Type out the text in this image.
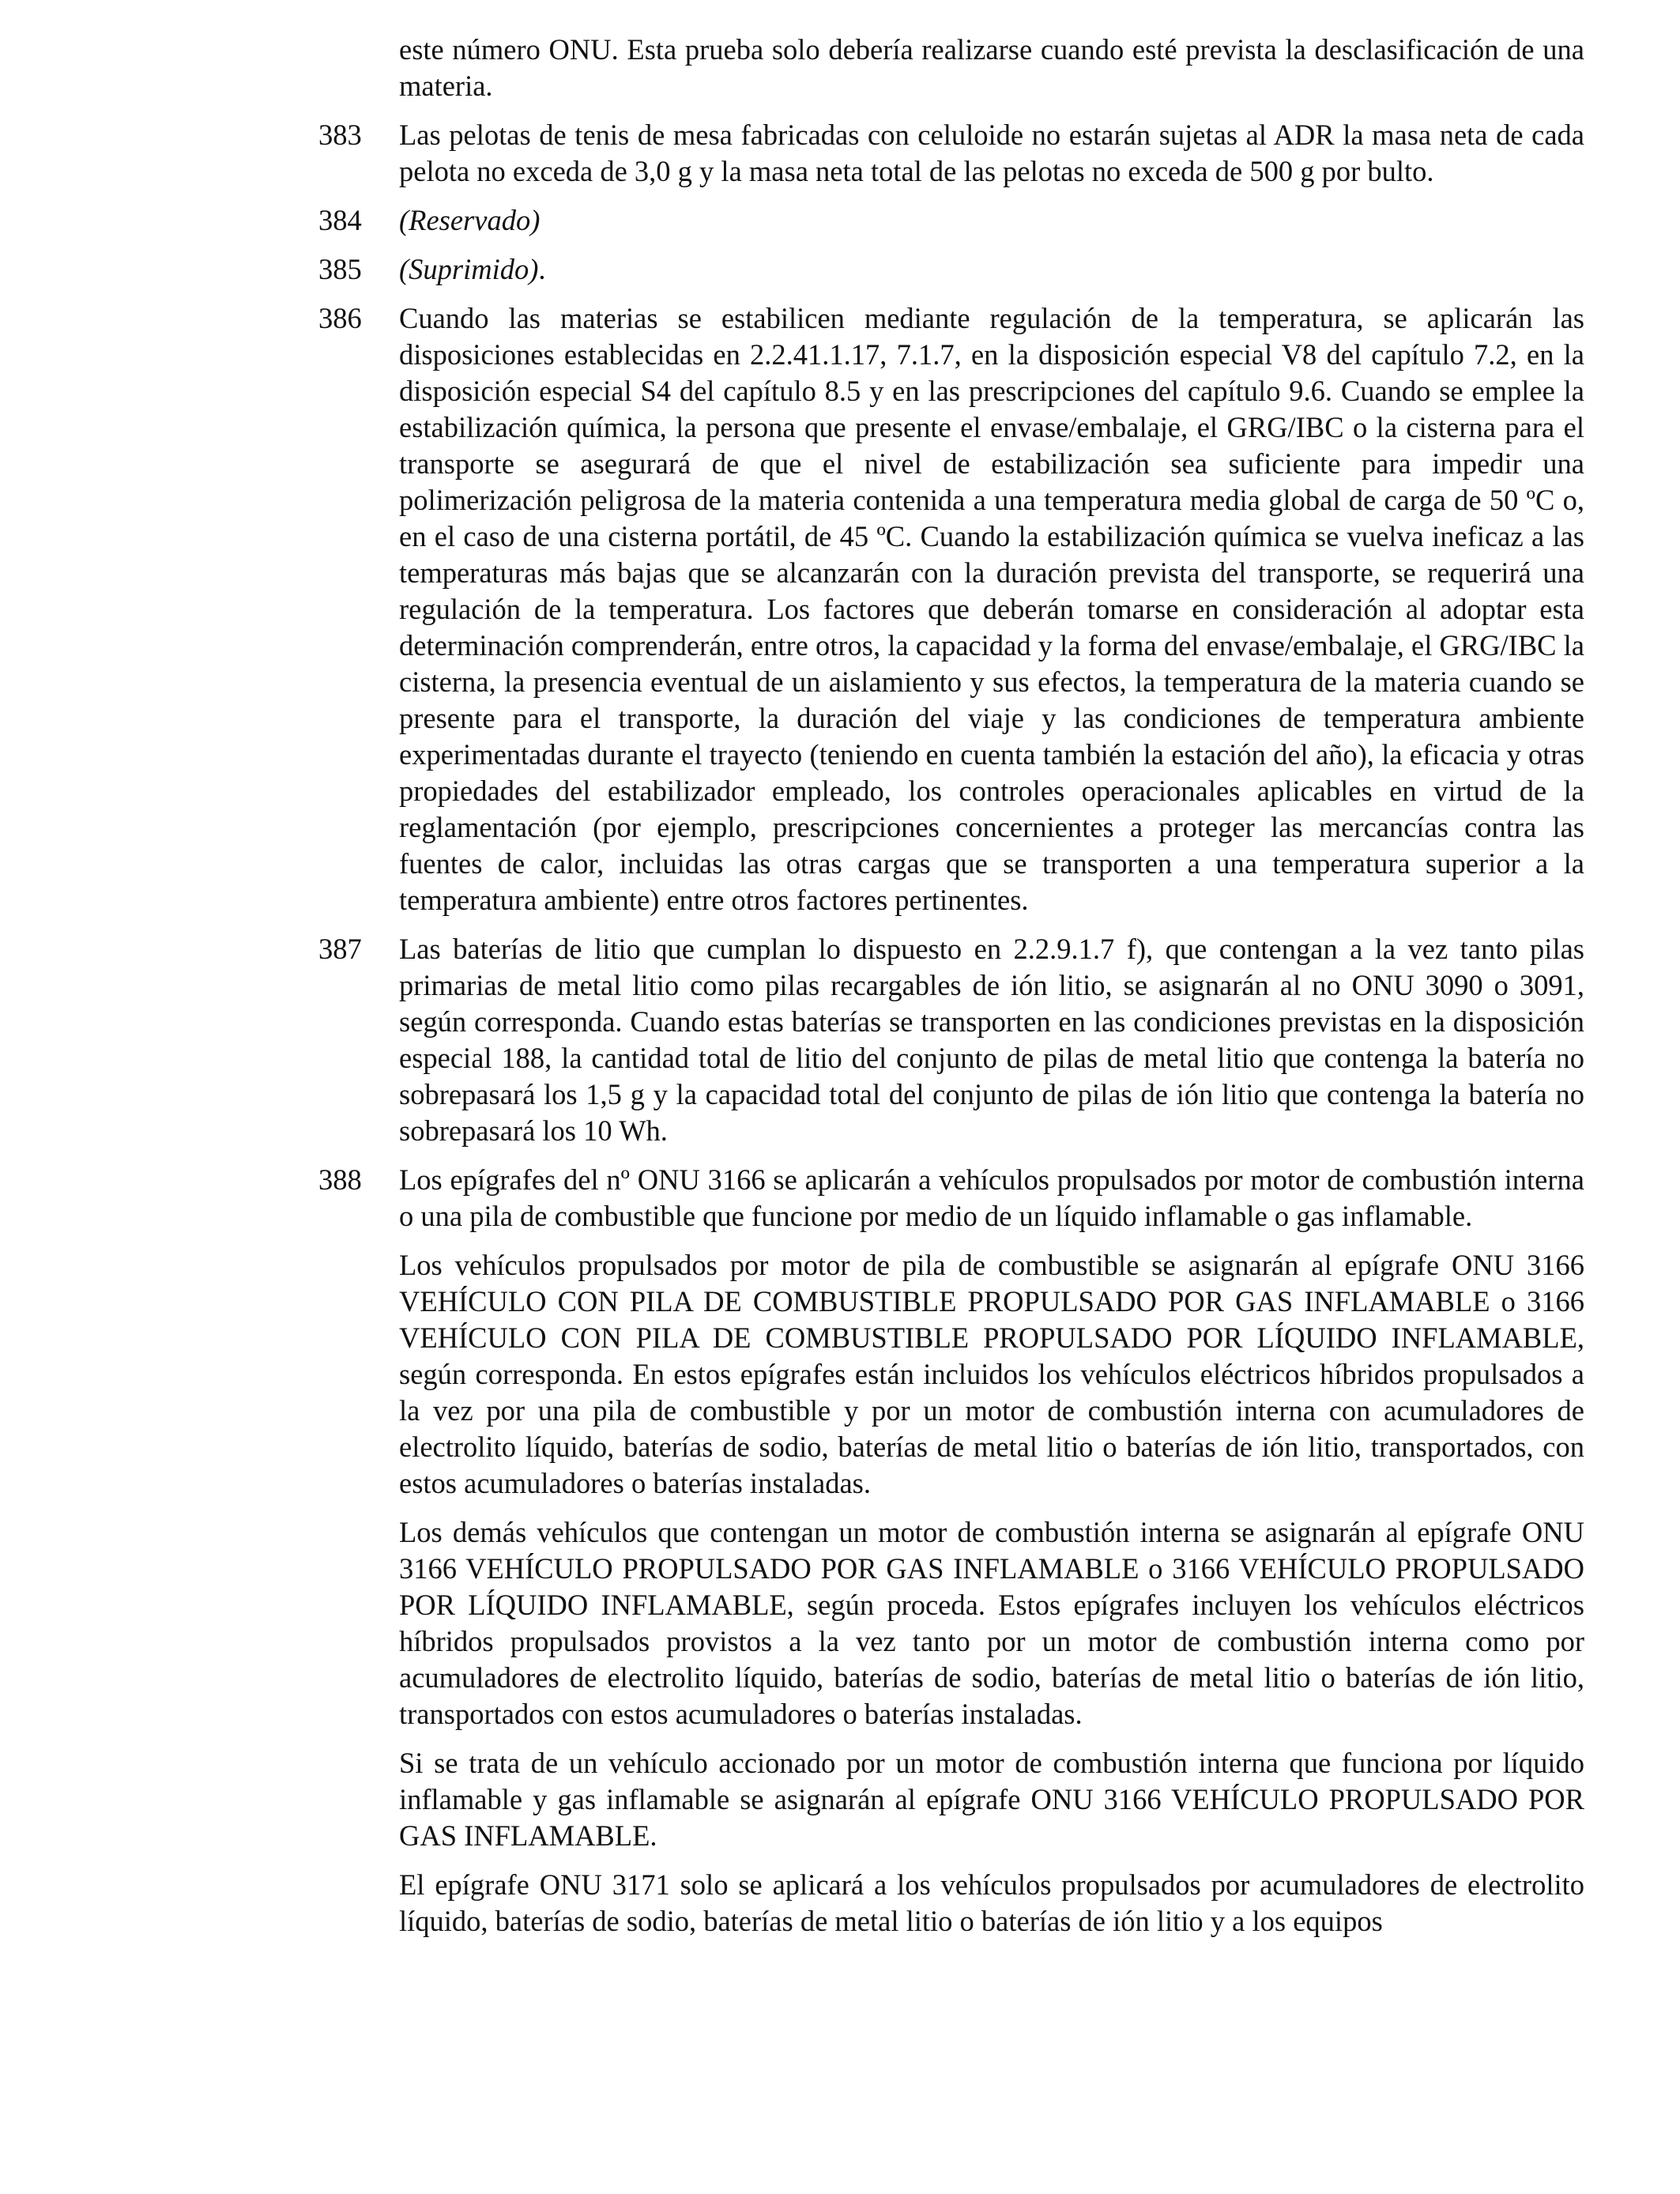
este número ONU. Esta prueba solo debería realizarse cuando esté prevista la desclasificación de una materia.

383	Las pelotas de tenis de mesa fabricadas con celuloide no estarán sujetas al ADR la masa neta de cada pelota no exceda de 3,0 g y la masa neta total de las pelotas no exceda de 500 g por bulto.

384	(Reservado)

385	(Suprimido).

386	Cuando las materias se estabilicen mediante regulación de la temperatura, se aplicarán las disposiciones establecidas en 2.2.41.1.17, 7.1.7, en la disposición especial V8 del capítulo 7.2, en la disposición especial S4 del capítulo 8.5 y en las prescripciones del capítulo 9.6. Cuando se emplee la estabilización química, la persona que presente el envase/embalaje, el GRG/IBC o la cisterna para el transporte se asegurará de que el nivel de estabilización sea suficiente para impedir una polimerización peligrosa de la materia contenida a una temperatura media global de carga de 50 ºC o, en el caso de una cisterna portátil, de 45 ºC. Cuando la estabilización química se vuelva ineficaz a las temperaturas más bajas que se alcanzarán con la duración prevista del transporte, se requerirá una regulación de la temperatura. Los factores que deberán tomarse en consideración al adoptar esta determinación comprenderán, entre otros, la capacidad y la forma del envase/embalaje, el GRG/IBC la cisterna, la presencia eventual de un aislamiento y sus efectos, la temperatura de la materia cuando se presente para el transporte, la duración del viaje y las condiciones de temperatura ambiente experimentadas durante el trayecto (teniendo en cuenta también la estación del año), la eficacia y otras propiedades del estabilizador empleado, los controles operacionales aplicables en virtud de la reglamentación (por ejemplo, prescripciones concernientes a proteger las mercancías contra las fuentes de calor, incluidas las otras cargas que se transporten a una temperatura superior a la temperatura ambiente) entre otros factores pertinentes.

387	Las baterías de litio que cumplan lo dispuesto en 2.2.9.1.7 f), que contengan a la vez tanto pilas primarias de metal litio como pilas recargables de ión litio, se asignarán al no ONU 3090 o 3091, según corresponda. Cuando estas baterías se transporten en las condiciones previstas en la disposición especial 188, la cantidad total de litio del conjunto de pilas de metal litio que contenga la batería no sobrepasará los 1,5 g y la capacidad total del conjunto de pilas de ión litio que contenga la batería no sobrepasará los 10 Wh.

388	Los epígrafes del nº ONU 3166 se aplicarán a vehículos propulsados por motor de combustión interna o una pila de combustible que funcione por medio de un líquido inflamable o gas inflamable.

Los vehículos propulsados por motor de pila de combustible se asignarán al epígrafe ONU 3166 VEHÍCULO CON PILA DE COMBUSTIBLE PROPULSADO POR GAS INFLAMABLE o 3166 VEHÍCULO CON PILA DE COMBUSTIBLE PROPULSADO POR LÍQUIDO INFLAMABLE, según corresponda. En estos epígrafes están incluidos los vehículos eléctricos híbridos propulsados a la vez por una pila de combustible y por un motor de combustión interna con acumuladores de electrolito líquido, baterías de sodio, baterías de metal litio o baterías de ión litio, transportados, con estos acumuladores o baterías instaladas.

Los demás vehículos que contengan un motor de combustión interna se asignarán al epígrafe ONU 3166 VEHÍCULO PROPULSADO POR GAS INFLAMABLE o 3166 VEHÍCULO PROPULSADO POR LÍQUIDO INFLAMABLE, según proceda. Estos epígrafes incluyen los vehículos eléctricos híbridos propulsados provistos a la vez tanto por un motor de combustión interna como por acumuladores de electrolito líquido, baterías de sodio, baterías de metal litio o baterías de ión litio, transportados con estos acumuladores o baterías instaladas.

Si se trata de un vehículo accionado por un motor de combustión interna que funciona por líquido inflamable y gas inflamable se asignarán al epígrafe ONU 3166 VEHÍCULO PROPULSADO POR GAS INFLAMABLE.

El epígrafe ONU 3171 solo se aplicará a los vehículos propulsados por acumuladores de electrolito líquido, baterías de sodio, baterías de metal litio o baterías de ión litio y a los equipos
